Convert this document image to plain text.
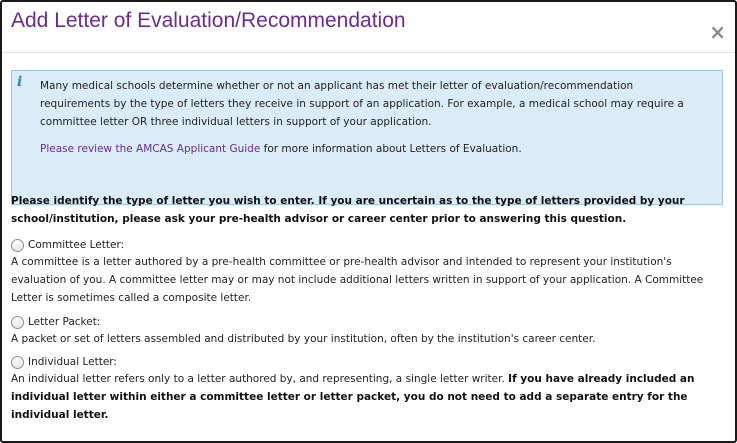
Add Letter of Evaluation/Recommendation	×
i Many medical schools determine whether or not an applicant has met their letter of evaluation/recommendation requirements by the type of letters they receive in support of an application. For example, a medical school may require a committee letter OR three individual letters in support of your application.

Please review the AMCAS Applicant Guide for more information about Letters of Evaluation.

Please identify the type of letter you wish to enter. If you are uncertain as to the type of letters provided by your school/institution, please ask your pre-health advisor or career center prior to answering this question.

Committee Letter:

A committee is a letter authored by a pre-health committee or pre-health advisor and intended to represent your institution's evaluation of you. A committee letter may or may not include additional letters written in support of your application. A Committee Letter is sometimes called a composite letter.

Letter Packet:

A packet or set of letters assembled and distributed by your institution, often by the institution's career center.

Individual Letter:

An individual letter refers only to a letter authored by, and representing, a single letter writer. If you have already included an individual letter within either a committee letter or letter packet, you do not need to add a separate entry for the individual letter.
